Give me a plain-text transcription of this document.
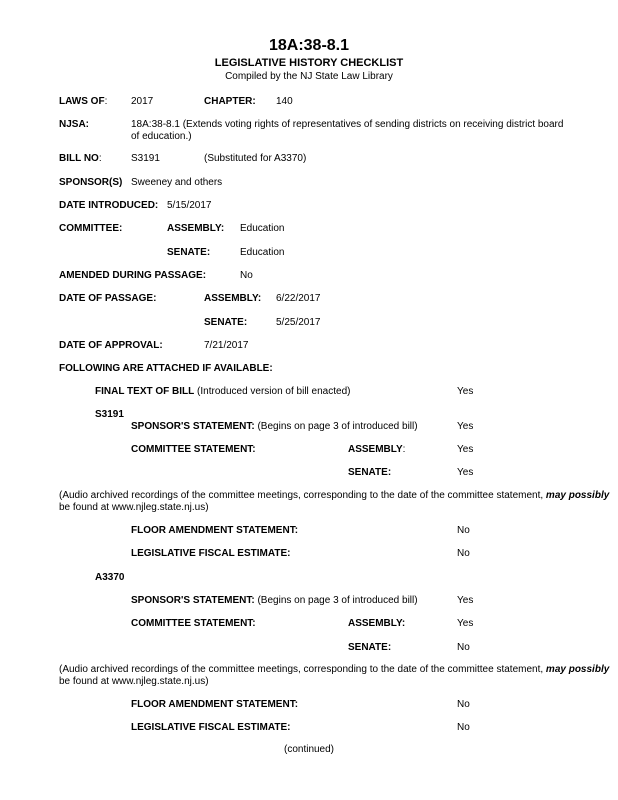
18A:38-8.1
LEGISLATIVE HISTORY CHECKLIST
Compiled by the NJ State Law Library
LAWS OF: 2017	CHAPTER: 140
NJSA:	18A:38-8.1 (Extends voting rights of representatives of sending districts on receiving district board of education.)
BILL NO:	S3191	(Substituted for A3370)
SPONSOR(S) Sweeney and others
DATE INTRODUCED: 5/15/2017
COMMITTEE:	ASSEMBLY: Education
SENATE:	Education
AMENDED DURING PASSAGE:	No
DATE OF PASSAGE:	ASSEMBLY: 6/22/2017
SENATE:	5/25/2017
DATE OF APPROVAL:	7/21/2017
FOLLOWING ARE ATTACHED IF AVAILABLE:
FINAL TEXT OF BILL (Introduced version of bill enacted)	Yes
S3191
SPONSOR'S STATEMENT: (Begins on page 3 of introduced bill)	Yes
COMMITTEE STATEMENT:	ASSEMBLY:	Yes
SENATE:	Yes
(Audio archived recordings of the committee meetings, corresponding to the date of the committee statement, may possibly
be found at www.njleg.state.nj.us)
FLOOR AMENDMENT STATEMENT:	No
LEGISLATIVE FISCAL ESTIMATE:	No
A3370
SPONSOR'S STATEMENT: (Begins on page 3 of introduced bill)	Yes
COMMITTEE STATEMENT:	ASSEMBLY:	Yes
SENATE:	No
(Audio archived recordings of the committee meetings, corresponding to the date of the committee statement, may possibly
be found at www.njleg.state.nj.us)
FLOOR AMENDMENT STATEMENT:	No
LEGISLATIVE FISCAL ESTIMATE:	No
(continued)
